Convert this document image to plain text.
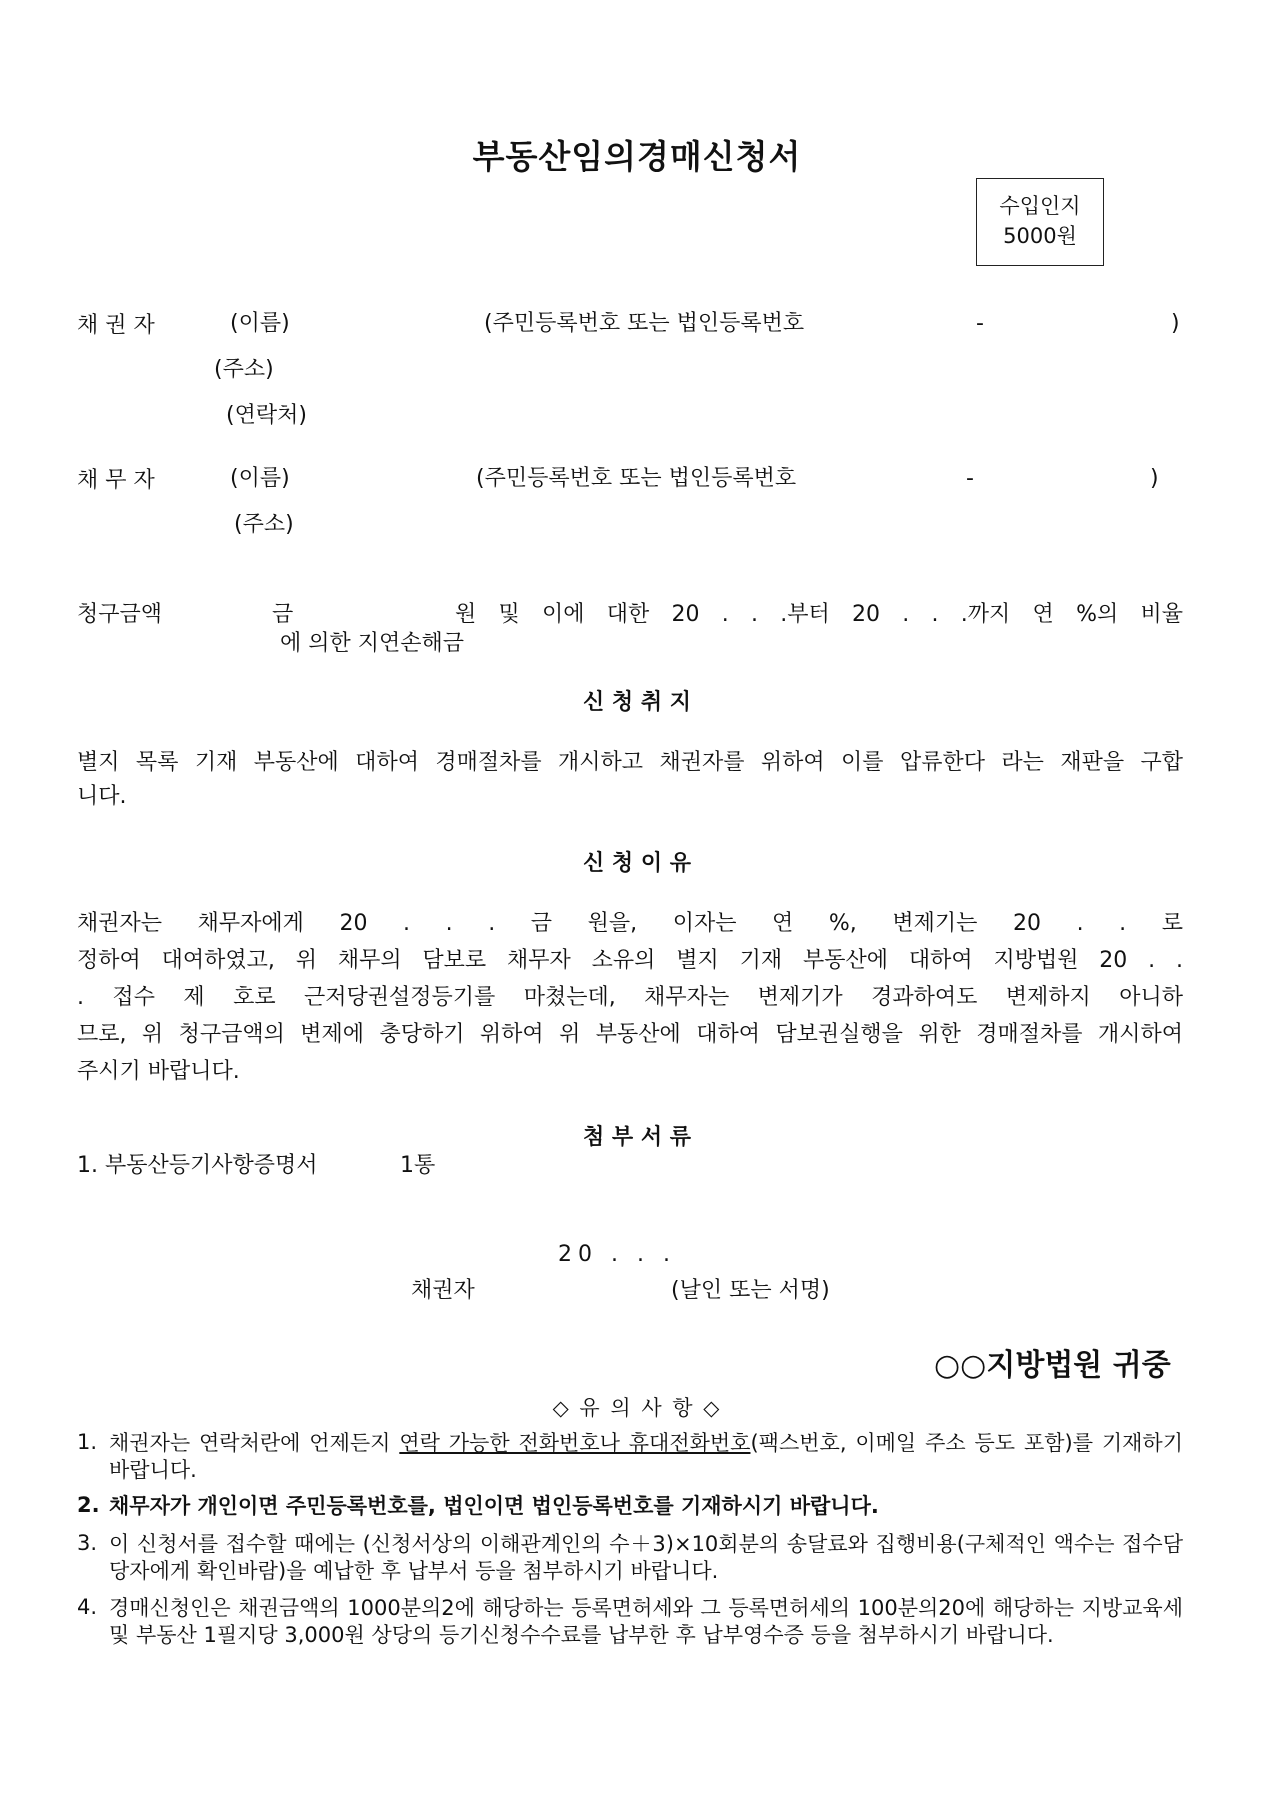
부동산임의경매신청서
수입인지
5000원
채 권 자	(이름)	(주민등록번호 또는 법인등록번호	-	)
(주소)
(연락처)
채 무 자	(이름)	(주민등록번호 또는 법인등록번호	-	)
(주소)
청구금액	금	원 및 이에 대한 20 . . .부터 20 . . .까지 연 %의 비율
에 의한 지연손해금
신 청 취 지
별지 목록 기재 부동산에 대하여 경매절차를 개시하고 채권자를 위하여 이를 압류한다 라는 재판을 구합
니다.
신 청 이 유
채권자는 채무자에게 20 . . . 금 원을, 이자는 연 %, 변제기는 20 . . 로
정하여 대여하였고, 위 채무의 담보로 채무자 소유의 별지 기재 부동산에 대하여 지방법원 20 . .
. 접수 제 호로 근저당권설정등기를 마쳤는데, 채무자는 변제기가 경과하여도 변제하지 아니하
므로, 위 청구금액의 변제에 충당하기 위하여 위 부동산에 대하여 담보권실행을 위한 경매절차를 개시하여
주시기 바랍니다.
첨 부 서 류
1. 부동산등기사항증명서	1통
20 . . .
채권자	(날인 또는 서명)
○○지방법원 귀중
◇ 유 의 사 항 ◇
1. 채권자는 연락처란에 언제든지 연락 가능한 전화번호나 휴대전화번호(팩스번호, 이메일 주소 등도 포함)를 기재하기 바랍니다.
2. 채무자가 개인이면 주민등록번호를, 법인이면 법인등록번호를 기재하시기 바랍니다.
3. 이 신청서를 접수할 때에는 (신청서상의 이해관계인의 수＋3)×10회분의 송달료와 집행비용(구체적인 액수는 접수담당자에게 확인바람)을 예납한 후 납부서 등을 첨부하시기 바랍니다.
4. 경매신청인은 채권금액의 1000분의2에 해당하는 등록면허세와 그 등록면허세의 100분의20에 해당하는 지방교육세 및 부동산 1필지당 3,000원 상당의 등기신청수수료를 납부한 후 납부영수증 등을 첨부하시기 바랍니다.
